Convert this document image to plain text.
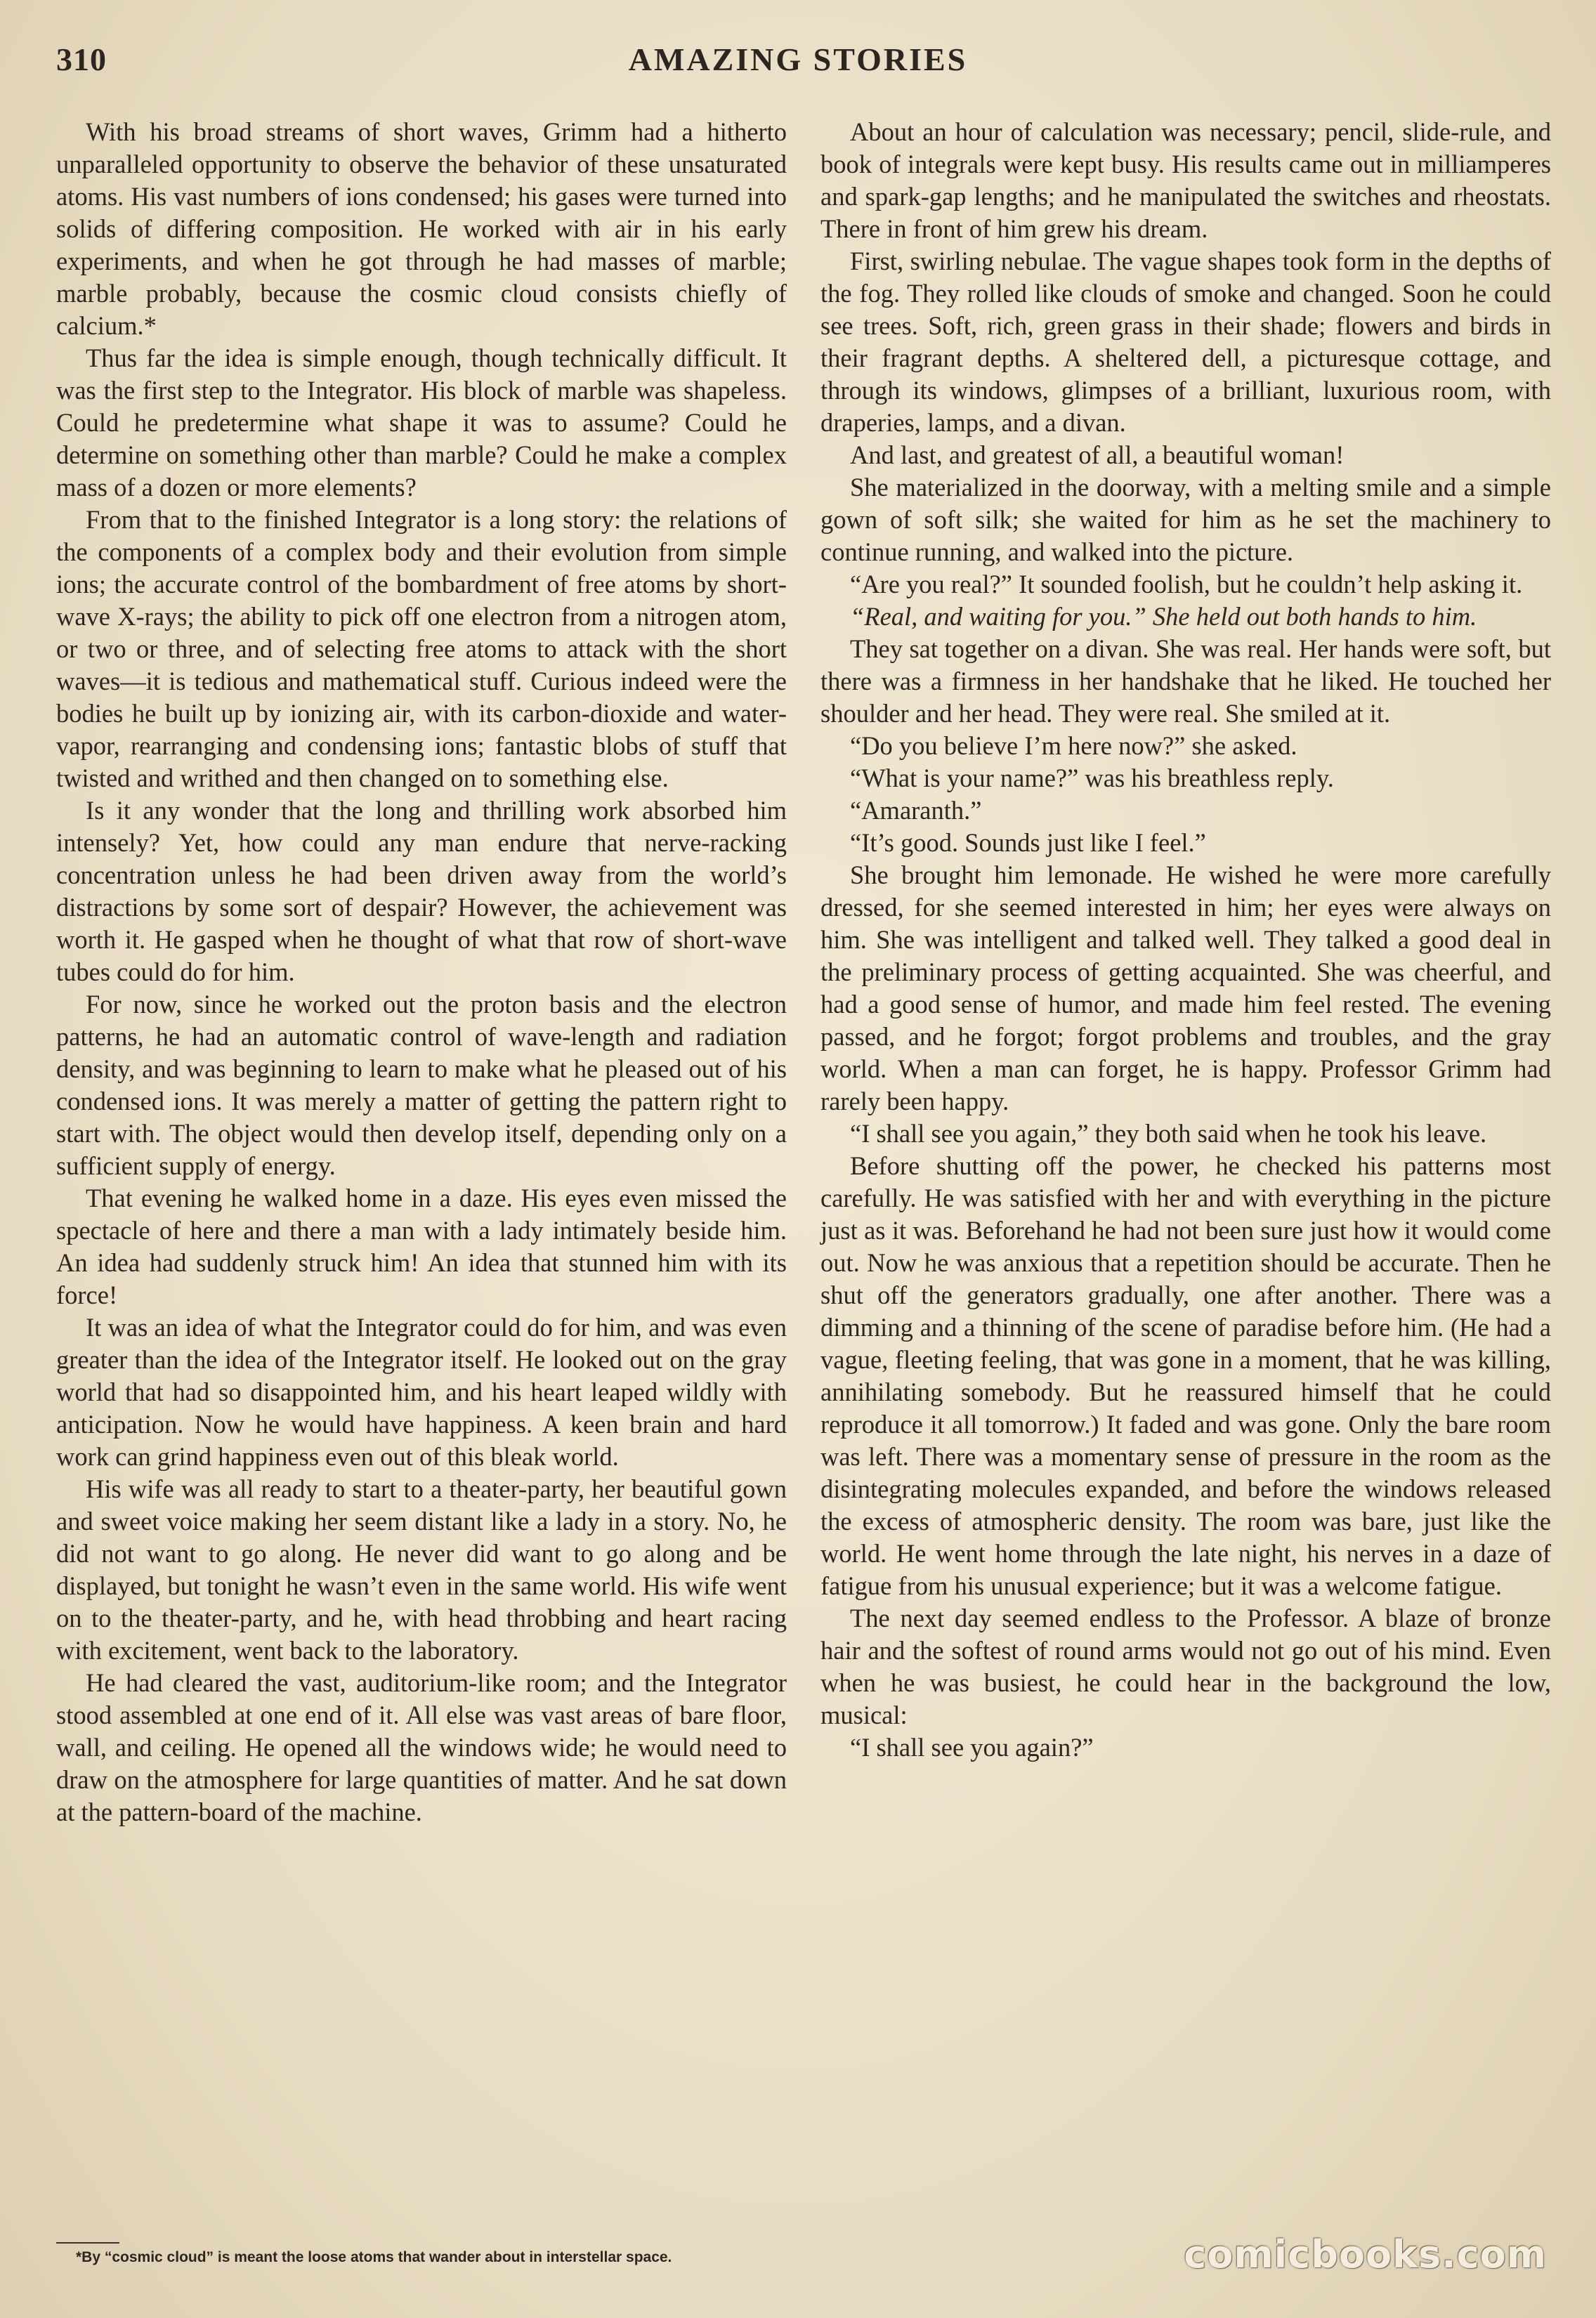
310	AMAZING STORIES

With his broad streams of short waves, Grimm had a hitherto unparalleled opportunity to observe the behavior of these unsaturated atoms. His vast numbers of ions condensed; his gases were turned into solids of differing composition. He worked with air in his early experiments, and when he got through he had masses of marble; marble probably, because the cosmic cloud consists chiefly of calcium.*

Thus far the idea is simple enough, though technically difficult. It was the first step to the Integrator. His block of marble was shapeless. Could he predetermine what shape it was to assume? Could he determine on something other than marble? Could he make a complex mass of a dozen or more elements?

From that to the finished Integrator is a long story: the relations of the components of a complex body and their evolution from simple ions; the accurate control of the bombardment of free atoms by short-wave X-rays; the ability to pick off one electron from a nitrogen atom, or two or three, and of selecting free atoms to attack with the short waves—it is tedious and mathematical stuff. Curious indeed were the bodies he built up by ionizing air, with its carbon-dioxide and water-vapor, rearranging and condensing ions; fantastic blobs of stuff that twisted and writhed and then changed on to something else.

Is it any wonder that the long and thrilling work absorbed him intensely? Yet, how could any man endure that nerve-racking concentration unless he had been driven away from the world’s distractions by some sort of despair? However, the achievement was worth it. He gasped when he thought of what that row of short-wave tubes could do for him.

For now, since he worked out the proton basis and the electron patterns, he had an automatic control of wave-length and radiation density, and was beginning to learn to make what he pleased out of his condensed ions. It was merely a matter of getting the pattern right to start with. The object would then develop itself, depending only on a sufficient supply of energy.

That evening he walked home in a daze. His eyes even missed the spectacle of here and there a man with a lady intimately beside him. An idea had suddenly struck him! An idea that stunned him with its force!

It was an idea of what the Integrator could do for him, and was even greater than the idea of the Integrator itself. He looked out on the gray world that had so disappointed him, and his heart leaped wildly with anticipation. Now he would have happiness. A keen brain and hard work can grind happiness even out of this bleak world.

His wife was all ready to start to a theater-party, her beautiful gown and sweet voice making her seem distant like a lady in a story. No, he did not want to go along. He never did want to go along and be displayed, but tonight he wasn’t even in the same world. His wife went on to the theater-party, and he, with head throbbing and heart racing with excitement, went back to the laboratory.

He had cleared the vast, auditorium-like room; and the Integrator stood assembled at one end of it. All else was vast areas of bare floor, wall, and ceiling. He opened all the windows wide; he would need to draw on the atmosphere for large quantities of matter. And he sat down at the pattern-board of the machine.

About an hour of calculation was necessary; pencil, slide-rule, and book of integrals were kept busy. His results came out in milliamperes and spark-gap lengths; and he manipulated the switches and rheostats. There in front of him grew his dream.

First, swirling nebulae. The vague shapes took form in the depths of the fog. They rolled like clouds of smoke and changed. Soon he could see trees. Soft, rich, green grass in their shade; flowers and birds in their fragrant depths. A sheltered dell, a picturesque cottage, and through its windows, glimpses of a brilliant, luxurious room, with draperies, lamps, and a divan.

And last, and greatest of all, a beautiful woman!

She materialized in the doorway, with a melting smile and a simple gown of soft silk; she waited for him as he set the machinery to continue running, and walked into the picture.

“Are you real?” It sounded foolish, but he couldn’t help asking it.

“Real, and waiting for you.” She held out both hands to him.

They sat together on a divan. She was real. Her hands were soft, but there was a firmness in her handshake that he liked. He touched her shoulder and her head. They were real. She smiled at it.

“Do you believe I’m here now?” she asked.

“What is your name?” was his breathless reply.

“Amaranth.”

“It’s good. Sounds just like I feel.”

She brought him lemonade. He wished he were more carefully dressed, for she seemed interested in him; her eyes were always on him. She was intelligent and talked well. They talked a good deal in the preliminary process of getting acquainted. She was cheerful, and had a good sense of humor, and made him feel rested. The evening passed, and he forgot; forgot problems and troubles, and the gray world. When a man can forget, he is happy. Professor Grimm had rarely been happy.

“I shall see you again,” they both said when he took his leave.

Before shutting off the power, he checked his patterns most carefully. He was satisfied with her and with everything in the picture just as it was. Beforehand he had not been sure just how it would come out. Now he was anxious that a repetition should be accurate. Then he shut off the generators gradually, one after another. There was a dimming and a thinning of the scene of paradise before him. (He had a vague, fleeting feeling, that was gone in a moment, that he was killing, annihilating somebody. But he reassured himself that he could reproduce it all tomorrow.) It faded and was gone. Only the bare room was left. There was a momentary sense of pressure in the room as the disintegrating molecules expanded, and before the windows released the excess of atmospheric density. The room was bare, just like the world. He went home through the late night, his nerves in a daze of fatigue from his unusual experience; but it was a welcome fatigue.

The next day seemed endless to the Professor. A blaze of bronze hair and the softest of round arms would not go out of his mind. Even when he was busiest, he could hear in the background the low, musical:

“I shall see you again?”

*By “cosmic cloud” is meant the loose atoms that wander about in interstellar space.	comicbooks.com
